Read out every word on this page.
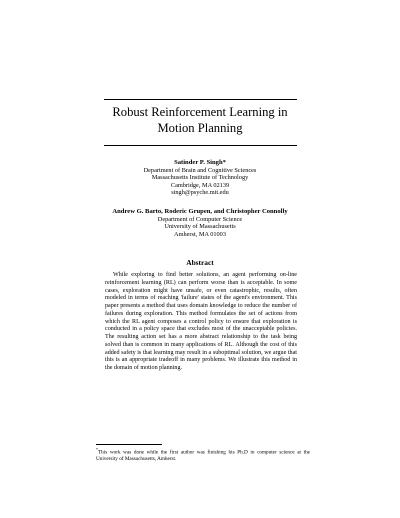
Robust Reinforcement Learning in
Motion Planning
Satinder P. Singh*
Department of Brain and Cognitive Sciences
Massachusetts Institute of Technology
Cambridge, MA 02139
singh@psyche.mit.edu
Andrew G. Barto, Roderic Grupen, and Christopher Connolly
Department of Computer Science
University of Massachusetts
Amherst, MA 01003
Abstract
While exploring to find better solutions, an agent performing on-line reinforcement learning (RL) can perform worse than is acceptable. In some cases, exploration might have unsafe, or even catastrophic, results, often modeled in terms of reaching 'failure' states of the agent's environment. This paper presents a method that uses domain knowledge to reduce the number of failures during exploration. This method formulates the set of actions from which the RL agent composes a control policy to ensure that exploration is conducted in a policy space that excludes most of the unacceptable policies. The resulting action set has a more abstract relationship to the task being solved than is common in many applications of RL. Although the cost of this added safety is that learning may result in a suboptimal solution, we argue that this is an appropriate tradeoff in many problems. We illustrate this method in the domain of motion planning.
*This work was done while the first author was finishing his Ph.D in computer science at the University of Massachusetts, Amherst.
